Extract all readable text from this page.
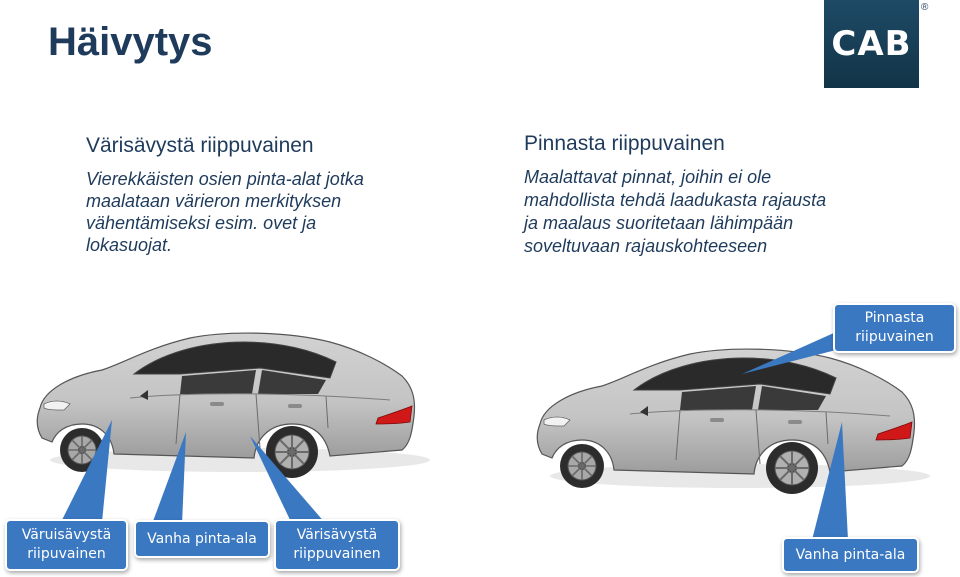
Häivytys	CAB
®
Värisävystä riippuvainen
Vierekkäisten osien pinta-alat jotka
maalataan värieron merkityksen
vähentämiseksi esim. ovet ja
lokasuojat.
Pinnasta riippuvainen
Maalattavat pinnat, joihin ei ole
mahdollista tehdä laadukasta rajausta
ja maalaus suoritetaan lähimpään
soveltuvaan rajauskohteeseen
Väruisävystä
riipuvainen
Vanha pinta-ala	Värisävystä
riippuvainen
Pinnasta
riipuvainen
Vanha pinta-ala
